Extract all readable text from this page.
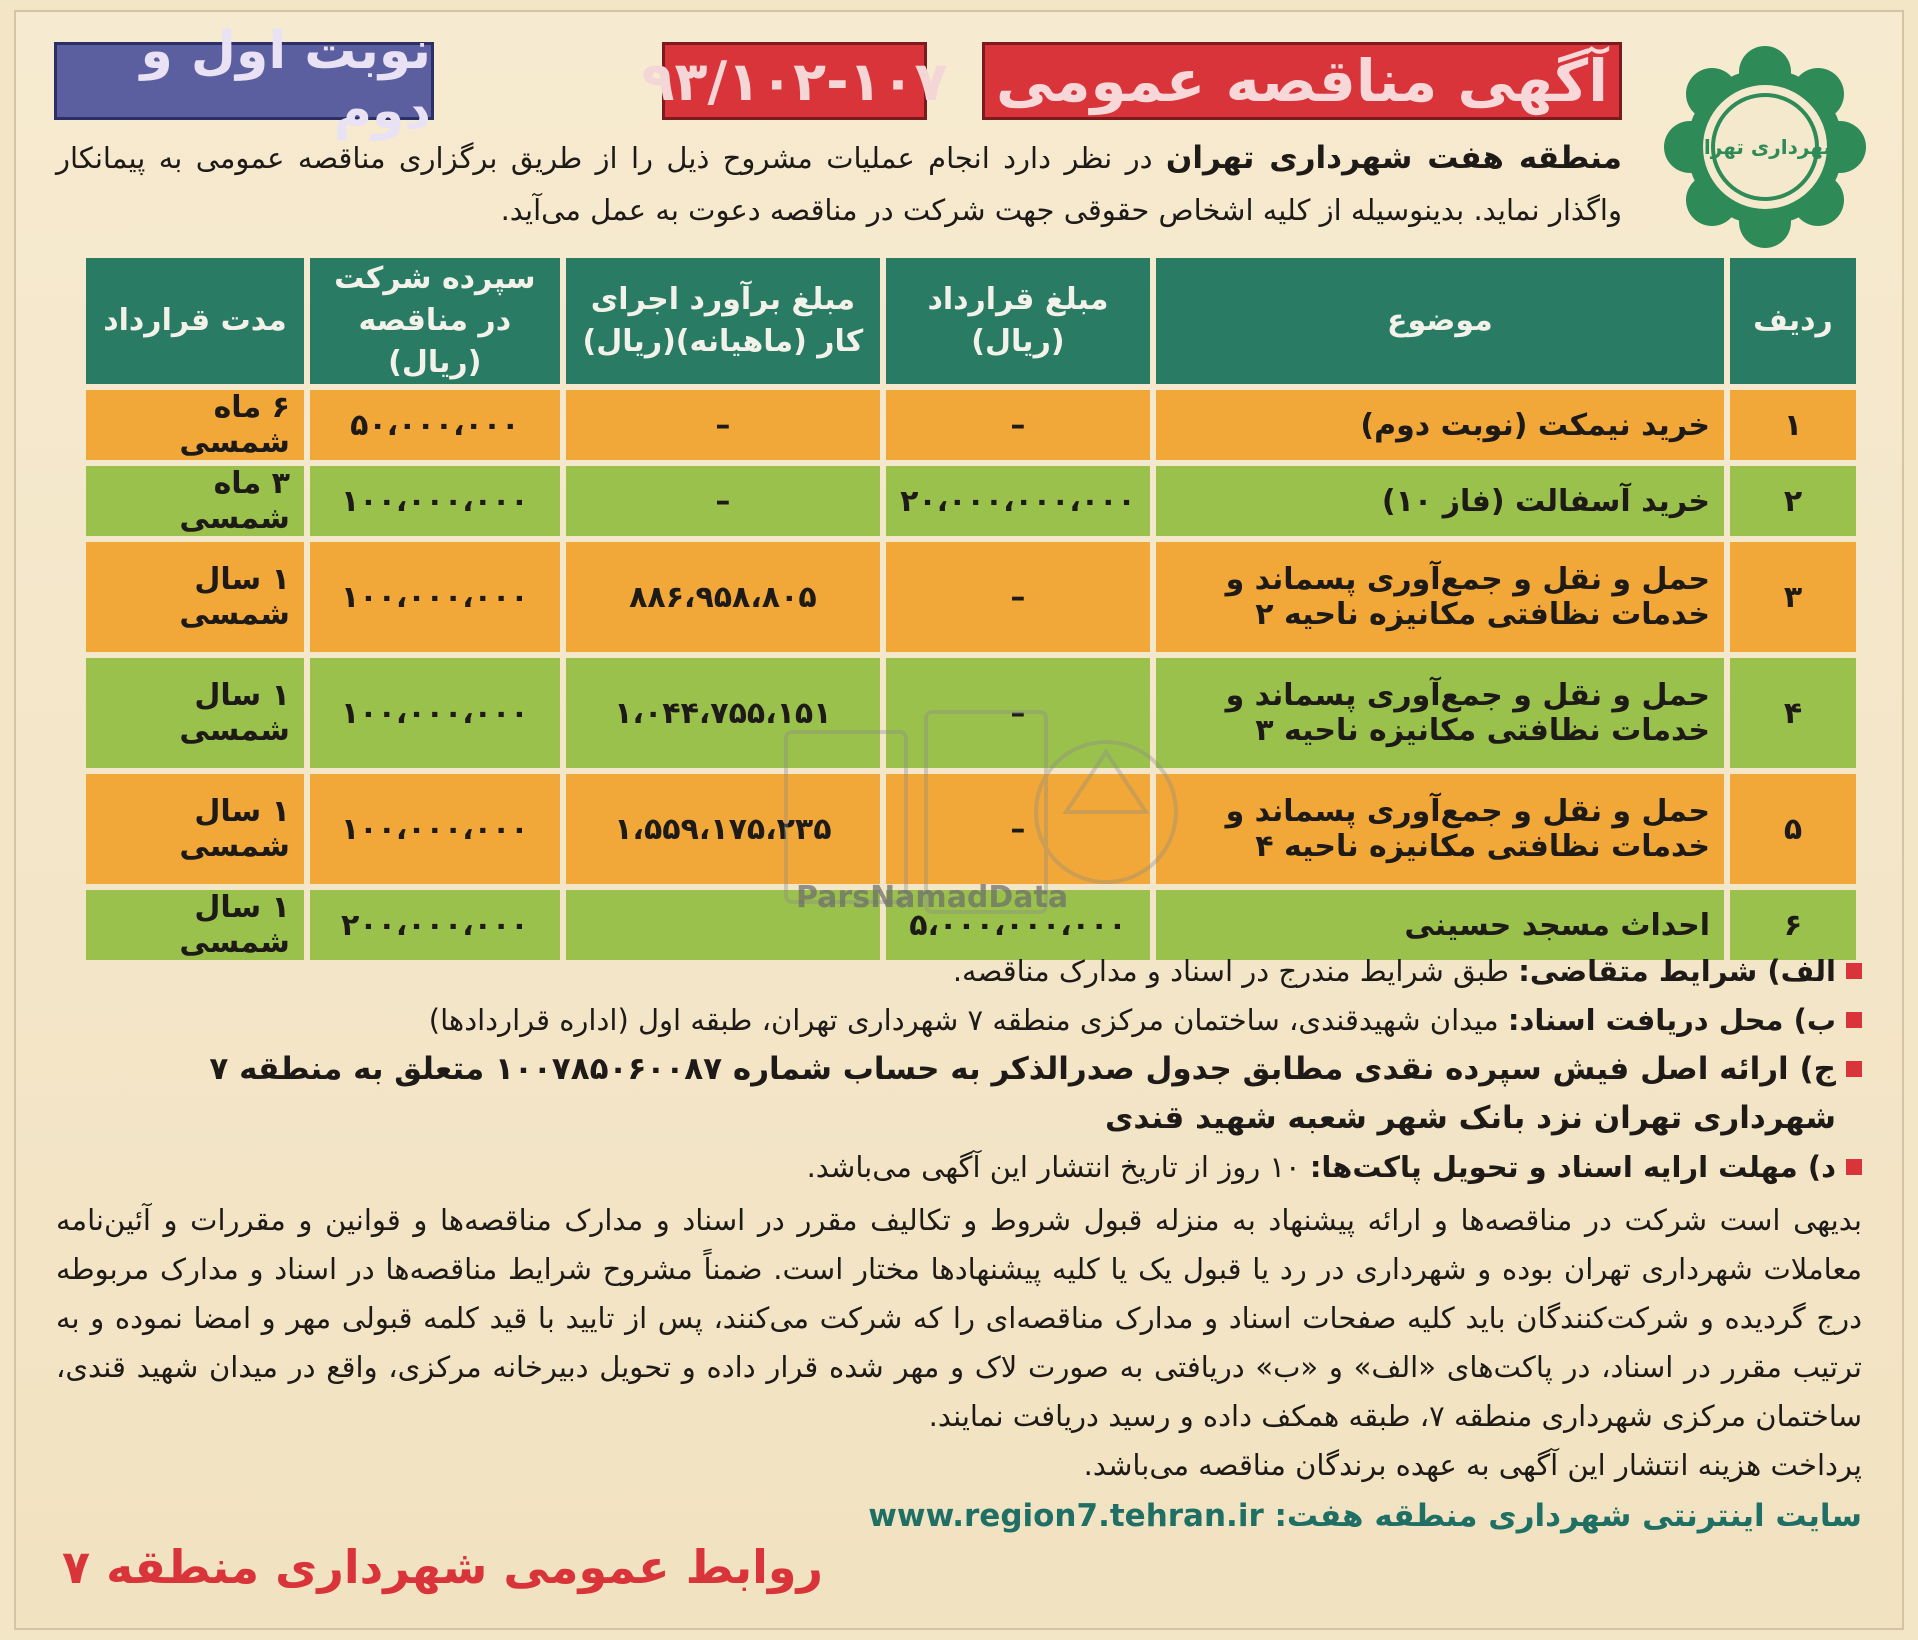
شهرداری تهران
آگهی مناقصه عمومی
۹۳/۱۰۲-۱۰۷
نوبت اول و دوم
منطقه هفت شهرداری تهران در نظر دارد انجام عملیات مشروح ذیل را از طریق برگزاری مناقصه عمومی به پیمانکار واگذار نماید. بدینوسیله از کلیه اشخاص حقوقی جهت شرکت در مناقصه دعوت به عمل می‌آید.
ردیف	موضوع	مبلغ قرارداد (ریال)	مبلغ برآورد اجرای کار (ماهیانه)(ریال)	سپرده شرکت در مناقصه (ریال)	مدت قرارداد
۱	خرید نیمکت (نوبت دوم)	–	–	۵۰،۰۰۰،۰۰۰	۶ ماه شمسی
۲	خرید آسفالت (فاز ۱۰)	۲۰،۰۰۰،۰۰۰،۰۰۰	–	۱۰۰،۰۰۰،۰۰۰	۳ ماه شمسی
۳	حمل و نقل و جمع‌آوری پسماند و خدمات نظافتی مکانیزه ناحیه ۲	–	۸۸۶،۹۵۸،۸۰۵	۱۰۰،۰۰۰،۰۰۰	۱ سال شمسی
۴	حمل و نقل و جمع‌آوری پسماند و خدمات نظافتی مکانیزه ناحیه ۳	–	۱،۰۴۴،۷۵۵،۱۵۱	۱۰۰،۰۰۰،۰۰۰	۱ سال شمسی
۵	حمل و نقل و جمع‌آوری پسماند و خدمات نظافتی مکانیزه ناحیه ۴	–	۱،۵۵۹،۱۷۵،۲۳۵	۱۰۰،۰۰۰،۰۰۰	۱ سال شمسی
۶	احداث مسجد حسینی	۵،۰۰۰،۰۰۰،۰۰۰		۲۰۰،۰۰۰،۰۰۰	۱ سال شمسی
ParsNamadData
الف) شرایط متقاضی: طبق شرایط مندرج در اسناد و مدارک مناقصه.
ب) محل دریافت اسناد: میدان شهیدقندی، ساختمان مرکزی منطقه ۷ شهرداری تهران، طبقه اول (اداره قراردادها)
ج) ارائه اصل فیش سپرده نقدی مطابق جدول صدرالذکر به حساب شماره ۱۰۰۷۸۵۰۶۰۰۸۷ متعلق به منطقه ۷ شهرداری تهران نزد بانک شهر شعبه شهید قندی
د) مهلت ارایه اسناد و تحویل پاکت‌ها: ۱۰ روز از تاریخ انتشار این آگهی می‌باشد.
بدیهی است شرکت در مناقصه‌ها و ارائه پیشنهاد به منزله قبول شروط و تکالیف مقرر در اسناد و مدارک مناقصه‌ها و قوانین و مقررات و آئین‌نامه معاملات شهرداری تهران بوده و شهرداری در رد یا قبول یک یا کلیه پیشنهادها مختار است. ضمناً مشروح شرایط مناقصه‌ها در اسناد و مدارک مربوطه درج گردیده و شرکت‌کنندگان باید کلیه صفحات اسناد و مدارک مناقصه‌ای را که شرکت می‌کنند، پس از تایید با قید کلمه قبولی مهر و امضا نموده و به ترتیب مقرر در اسناد، در پاکت‌های «الف» و «ب» دریافتی به صورت لاک و مهر شده قرار داده و تحویل دبیرخانه مرکزی، واقع در میدان شهید قندی، ساختمان مرکزی شهرداری منطقه ۷، طبقه همکف داده و رسید دریافت نمایند.
پرداخت هزینه انتشار این آگهی به عهده برندگان مناقصه می‌باشد.
سایت اینترنتی شهرداری منطقه هفت: www.region7.tehran.ir
روابط عمومی شهرداری منطقه ۷
